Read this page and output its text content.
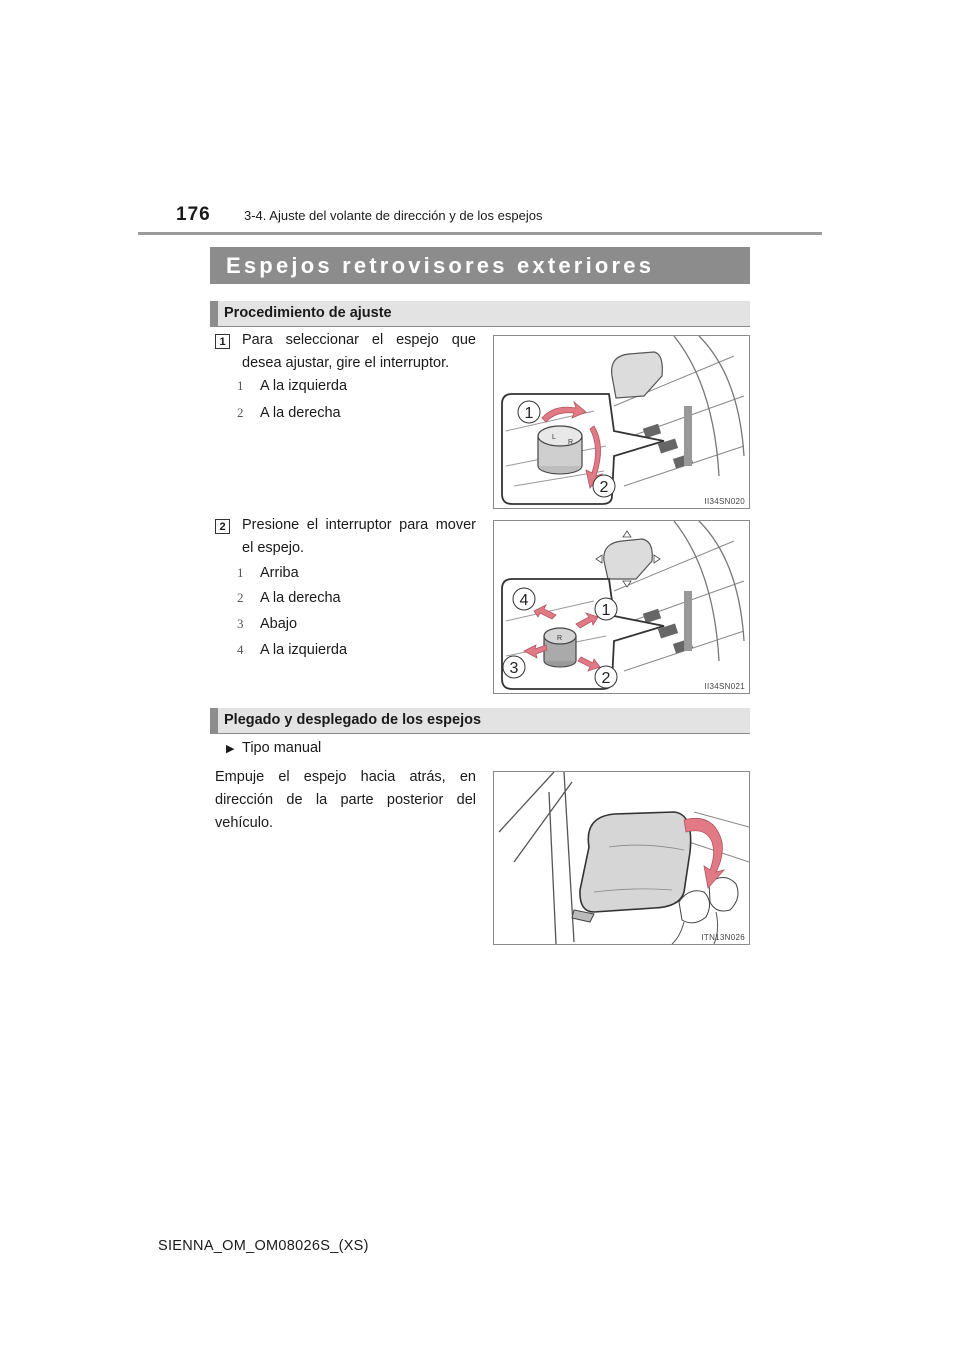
176	3-4. Ajuste del volante de dirección y de los espejos
Espejos retrovisores exteriores
Procedimiento de ajuste
1	Para seleccionar el espejo que desea ajustar, gire el interruptor.
1 A la izquierda
2 A la derecha
L
R
1
2
II34SN020
2	Presione el interruptor para mover el espejo.
1 Arriba
2 A la derecha
3 Abajo
4 A la izquierda
R
4
1
3
2	II34SN021
Plegado y desplegado de los espejos
▶ Tipo manual
Empuje el espejo hacia atrás, en dirección de la parte posterior del vehículo.
ITN13N026
SIENNA_OM_OM08026S_(XS)
